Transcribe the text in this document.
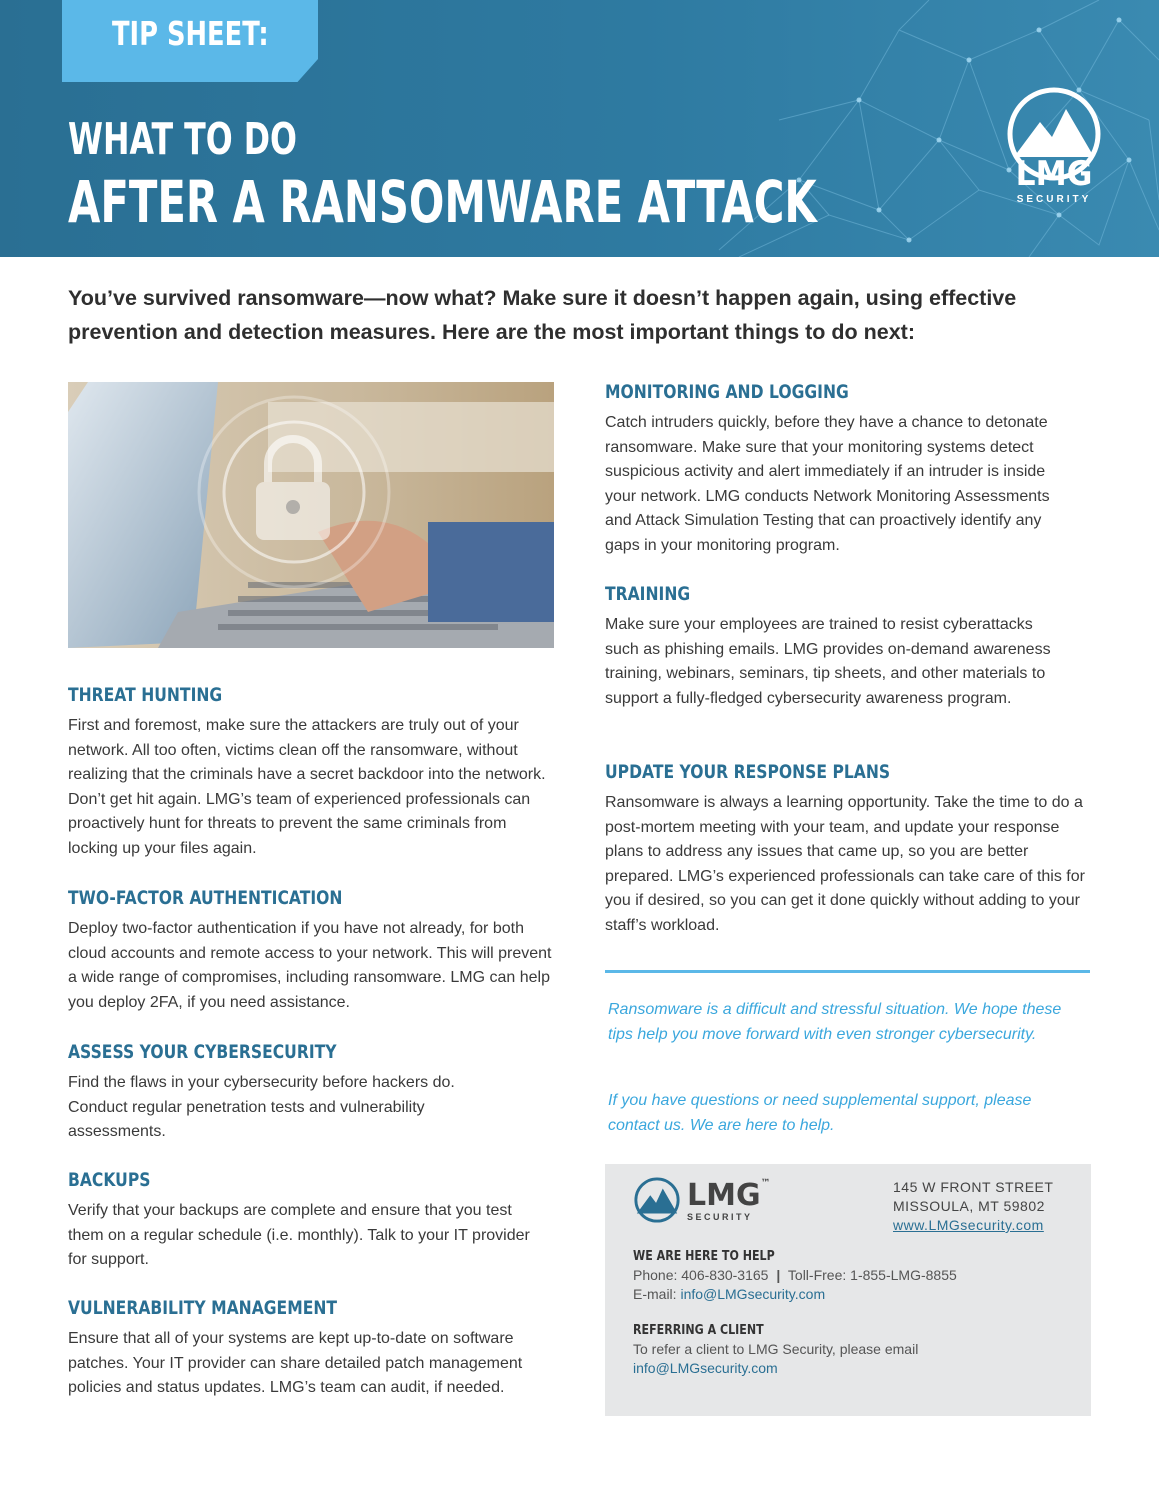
TIP SHEET:
WHAT TO DO
AFTER A RANSOMWARE ATTACK	LMG
SECURITY
You’ve survived ransomware—now what? Make sure it doesn’t happen again, using effective prevention and detection measures. Here are the most important things to do next:
THREAT HUNTING
First and foremost, make sure the attackers are truly out of your network. All too often, victims clean off the ransomware, without realizing that the criminals have a secret backdoor into the network. Don’t get hit again. LMG’s team of experienced professionals can proactively hunt for threats to prevent the same criminals from locking up your files again.
TWO-FACTOR AUTHENTICATION
Deploy two-factor authentication if you have not already, for both cloud accounts and remote access to your network. This will prevent a wide range of compromises, including ransomware. LMG can help you deploy 2FA, if you need assistance.
ASSESS YOUR CYBERSECURITY
Find the flaws in your cybersecurity before hackers do. Conduct regular penetration tests and vulnerability assessments.
BACKUPS
Verify that your backups are complete and ensure that you test them on a regular schedule (i.e. monthly). Talk to your IT provider for support.
VULNERABILITY MANAGEMENT
Ensure that all of your systems are kept up-to-date on software patches. Your IT provider can share detailed patch management policies and status updates. LMG’s team can audit, if needed.
MONITORING AND LOGGING
Catch intruders quickly, before they have a chance to detonate ransomware. Make sure that your monitoring systems detect suspicious activity and alert immediately if an intruder is inside your network. LMG conducts Network Monitoring Assessments and Attack Simulation Testing that can proactively identify any gaps in your monitoring program.
TRAINING
Make sure your employees are trained to resist cyberattacks such as phishing emails. LMG provides on-demand awareness training, webinars, seminars, tip sheets, and other materials to support a fully-fledged cybersecurity awareness program.
UPDATE YOUR RESPONSE PLANS
Ransomware is always a learning opportunity. Take the time to do a post-mortem meeting with your team, and update your response plans to address any issues that came up, so you are better prepared. LMG’s experienced professionals can take care of this for you if desired, so you can get it done quickly without adding to your staff’s workload.
Ransomware is a difficult and stressful situation. We hope these tips help you move forward with even stronger cybersecurity.
If you have questions or need supplemental support, please contact us. We are here to help.
LMG™
SECURITY
145 W FRONT STREET
MISSOULA, MT 59802
www.LMGsecurity.com
WE ARE HERE TO HELP
Phone: 406-830-3165 | Toll-Free: 1-855-LMG-8855
E-mail: info@LMGsecurity.com
REFERRING A CLIENT
To refer a client to LMG Security, please email
info@LMGsecurity.com
